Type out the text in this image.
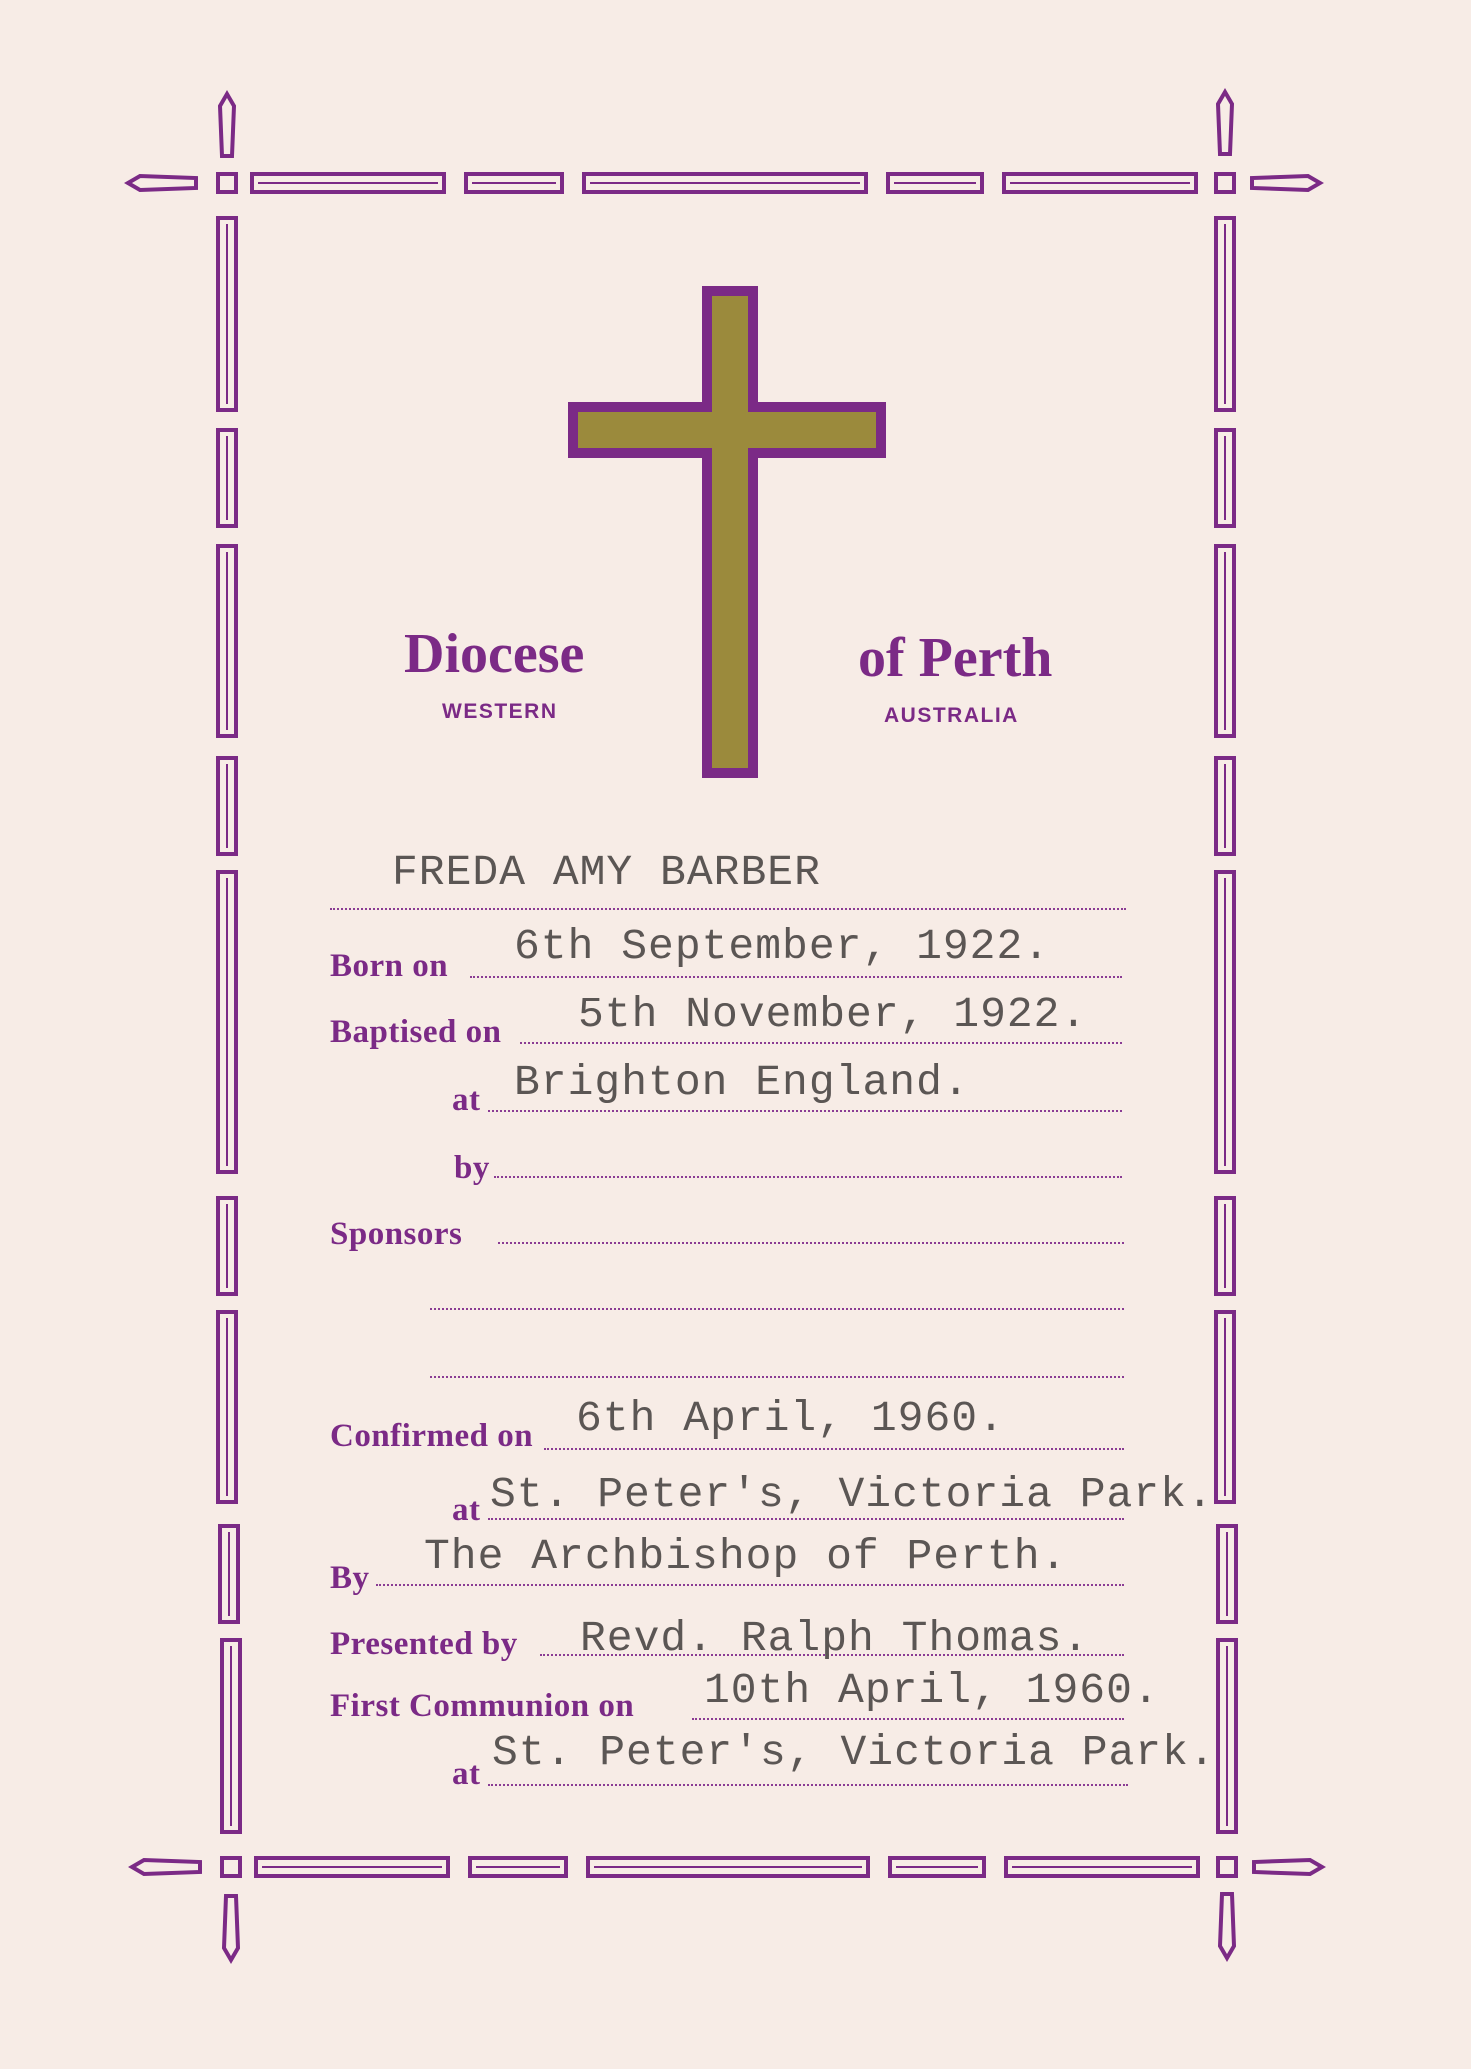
Diocese
WESTERN
of Perth
AUSTRALIA
FREDA AMY BARBER
Born on 6th September, 1922.
Baptised on 5th November, 1922.
at Brighton England.
by
Sponsors
Confirmed on 6th April, 1960.
at St. Peter's, Victoria Park.
By The Archbishop of Perth.
Presented by Revd. Ralph Thomas.
First Communion on 10th April, 1960.
at St. Peter's, Victoria Park.
